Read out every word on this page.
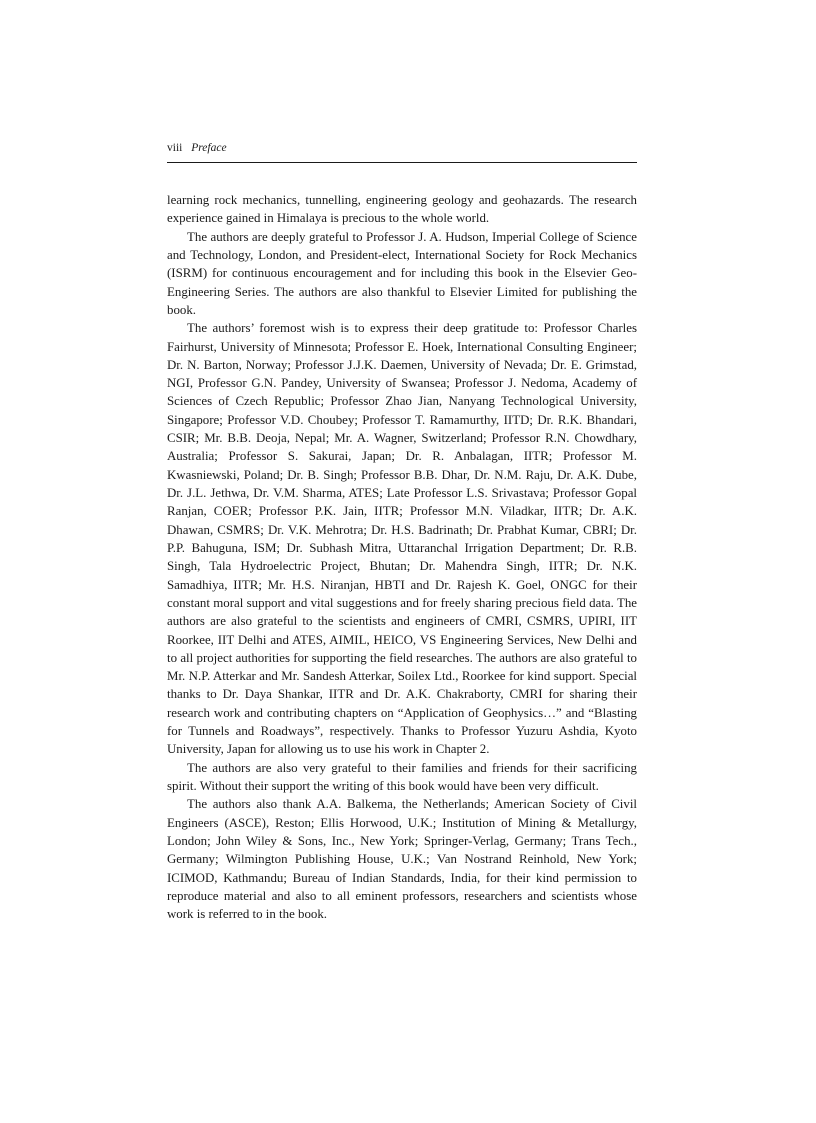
viii Preface

learning rock mechanics, tunnelling, engineering geology and geohazards. The research experience gained in Himalaya is precious to the whole world.

The authors are deeply grateful to Professor J. A. Hudson, Imperial College of Science and Technology, London, and President-elect, International Society for Rock Mechanics (ISRM) for continuous encouragement and for including this book in the Elsevier Geo-Engineering Series. The authors are also thankful to Elsevier Limited for publishing the book.

The authors’ foremost wish is to express their deep gratitude to: Professor Charles Fairhurst, University of Minnesota; Professor E. Hoek, International Consulting Engineer; Dr. N. Barton, Norway; Professor J.J.K. Daemen, University of Nevada; Dr. E. Grimstad, NGI, Professor G.N. Pandey, University of Swansea; Professor J. Nedoma, Academy of Sciences of Czech Republic; Professor Zhao Jian, Nanyang Technological University, Singapore; Professor V.D. Choubey; Professor T. Ramamurthy, IITD; Dr. R.K. Bhandari, CSIR; Mr. B.B. Deoja, Nepal; Mr. A. Wagner, Switzerland; Professor R.N. Chowdhary, Australia; Professor S. Sakurai, Japan; Dr. R. Anbalagan, IITR; Professor M. Kwasniewski, Poland; Dr. B. Singh; Professor B.B. Dhar, Dr. N.M. Raju, Dr. A.K. Dube, Dr. J.L. Jethwa, Dr. V.M. Sharma, ATES; Late Professor L.S. Srivastava; Professor Gopal Ranjan, COER; Professor P.K. Jain, IITR; Professor M.N. Viladkar, IITR; Dr. A.K. Dhawan, CSMRS; Dr. V.K. Mehrotra; Dr. H.S. Badrinath; Dr. Prabhat Kumar, CBRI; Dr. P.P. Bahuguna, ISM; Dr. Subhash Mitra, Uttaranchal Irrigation Department; Dr. R.B. Singh, Tala Hydroelectric Project, Bhutan; Dr. Mahendra Singh, IITR; Dr. N.K. Samadhiya, IITR; Mr. H.S. Niranjan, HBTI and Dr. Rajesh K. Goel, ONGC for their constant moral support and vital suggestions and for freely sharing precious field data. The authors are also grateful to the scientists and engineers of CMRI, CSMRS, UPIRI, IIT Roorkee, IIT Delhi and ATES, AIMIL, HEICO, VS Engineering Services, New Delhi and to all project authorities for supporting the field researches. The authors are also grateful to Mr. N.P. Atterkar and Mr. Sandesh Atterkar, Soilex Ltd., Roorkee for kind support. Special thanks to Dr. Daya Shankar, IITR and Dr. A.K. Chakraborty, CMRI for sharing their research work and contributing chapters on “Application of Geophysics…” and “Blasting for Tunnels and Roadways”, respectively. Thanks to Professor Yuzuru Ashdia, Kyoto University, Japan for allowing us to use his work in Chapter 2.

The authors are also very grateful to their families and friends for their sacrificing spirit. Without their support the writing of this book would have been very difficult.

The authors also thank A.A. Balkema, the Netherlands; American Society of Civil Engineers (ASCE), Reston; Ellis Horwood, U.K.; Institution of Mining & Metallurgy, London; John Wiley & Sons, Inc., New York; Springer-Verlag, Germany; Trans Tech., Germany; Wilmington Publishing House, U.K.; Van Nostrand Reinhold, New York; ICIMOD, Kathmandu; Bureau of Indian Standards, India, for their kind permission to reproduce material and also to all eminent professors, researchers and scientists whose work is referred to in the book.
